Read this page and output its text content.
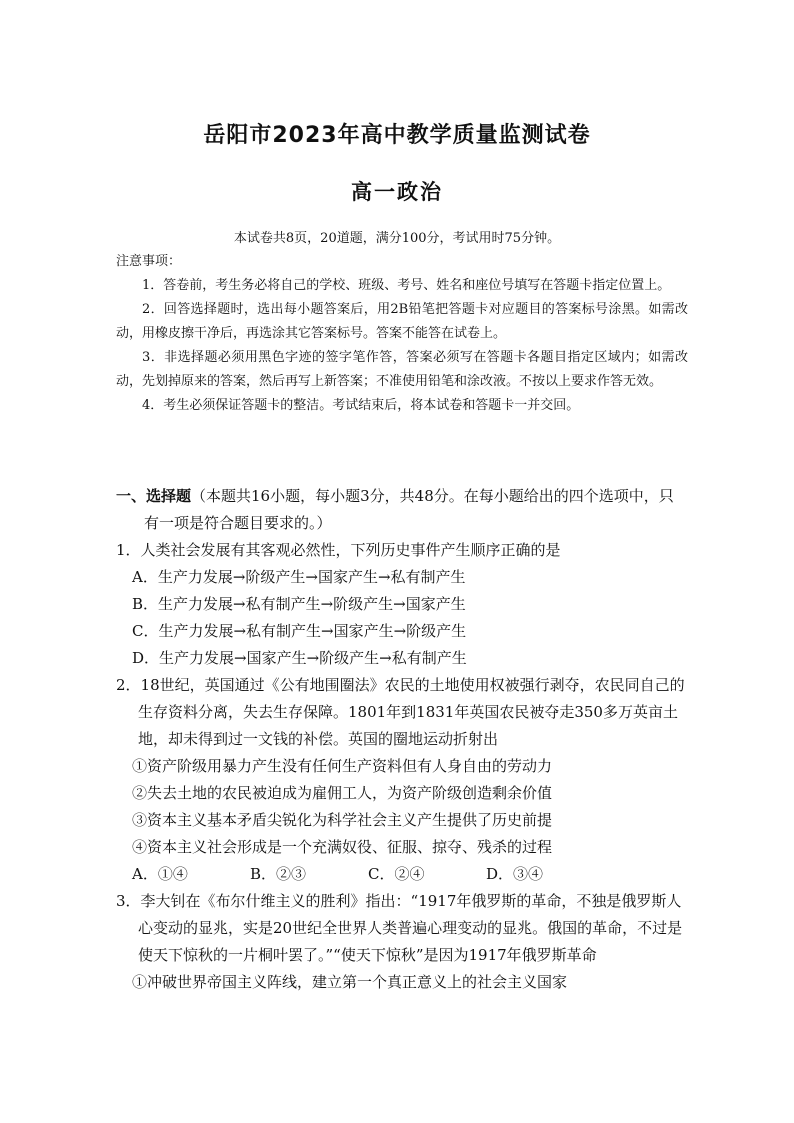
岳阳市2023年高中教学质量监测试卷
高一政治
本试卷共8页，20道题，满分100分，考试用时75分钟。
注意事项：

1．答卷前，考生务必将自己的学校、班级、考号、姓名和座位号填写在答题卡指定位置上。

2．回答选择题时，选出每小题答案后，用2B铅笔把答题卡对应题目的答案标号涂黑。如需改动，用橡皮擦干净后，再选涂其它答案标号。答案不能答在试卷上。

3．非选择题必须用黑色字迹的签字笔作答，答案必须写在答题卡各题目指定区域内；如需改动，先划掉原来的答案，然后再写上新答案；不准使用铅笔和涂改液。不按以上要求作答无效。

4．考生必须保证答题卡的整洁。考试结束后，将本试卷和答题卡一并交回。

一、选择题（本题共16小题，每小题3分，共48分。在每小题给出的四个选项中，只有一项是符合题目要求的。）
1．人类社会发展有其客观必然性，下列历史事件产生顺序正确的是
A．生产力发展→阶级产生→国家产生→私有制产生
B．生产力发展→私有制产生→阶级产生→国家产生
C．生产力发展→私有制产生→国家产生→阶级产生
D．生产力发展→国家产生→阶级产生→私有制产生
2．18世纪，英国通过《公有地围圈法》农民的土地使用权被强行剥夺，农民同自己的生存资料分离，失去生存保障。1801年到1831年英国农民被夺走350多万英亩土地，却未得到过一文钱的补偿。英国的圈地运动折射出
①资产阶级用暴力产生没有任何生产资料但有人身自由的劳动力
②失去土地的农民被迫成为雇佣工人，为资产阶级创造剩余价值
③资本主义基本矛盾尖锐化为科学社会主义产生提供了历史前提
④资本主义社会形成是一个充满奴役、征服、掠夺、残杀的过程
A．①④	B．②③	C．②④	D．③④
3．李大钊在《布尔什维主义的胜利》指出：“1917年俄罗斯的革命，不独是俄罗斯人心变动的显兆，实是20世纪全世界人类普遍心理变动的显兆。俄国的革命，不过是使天下惊秋的一片桐叶罢了。”“使天下惊秋”是因为1917年俄罗斯革命
①冲破世界帝国主义阵线，建立第一个真正意义上的社会主义国家
